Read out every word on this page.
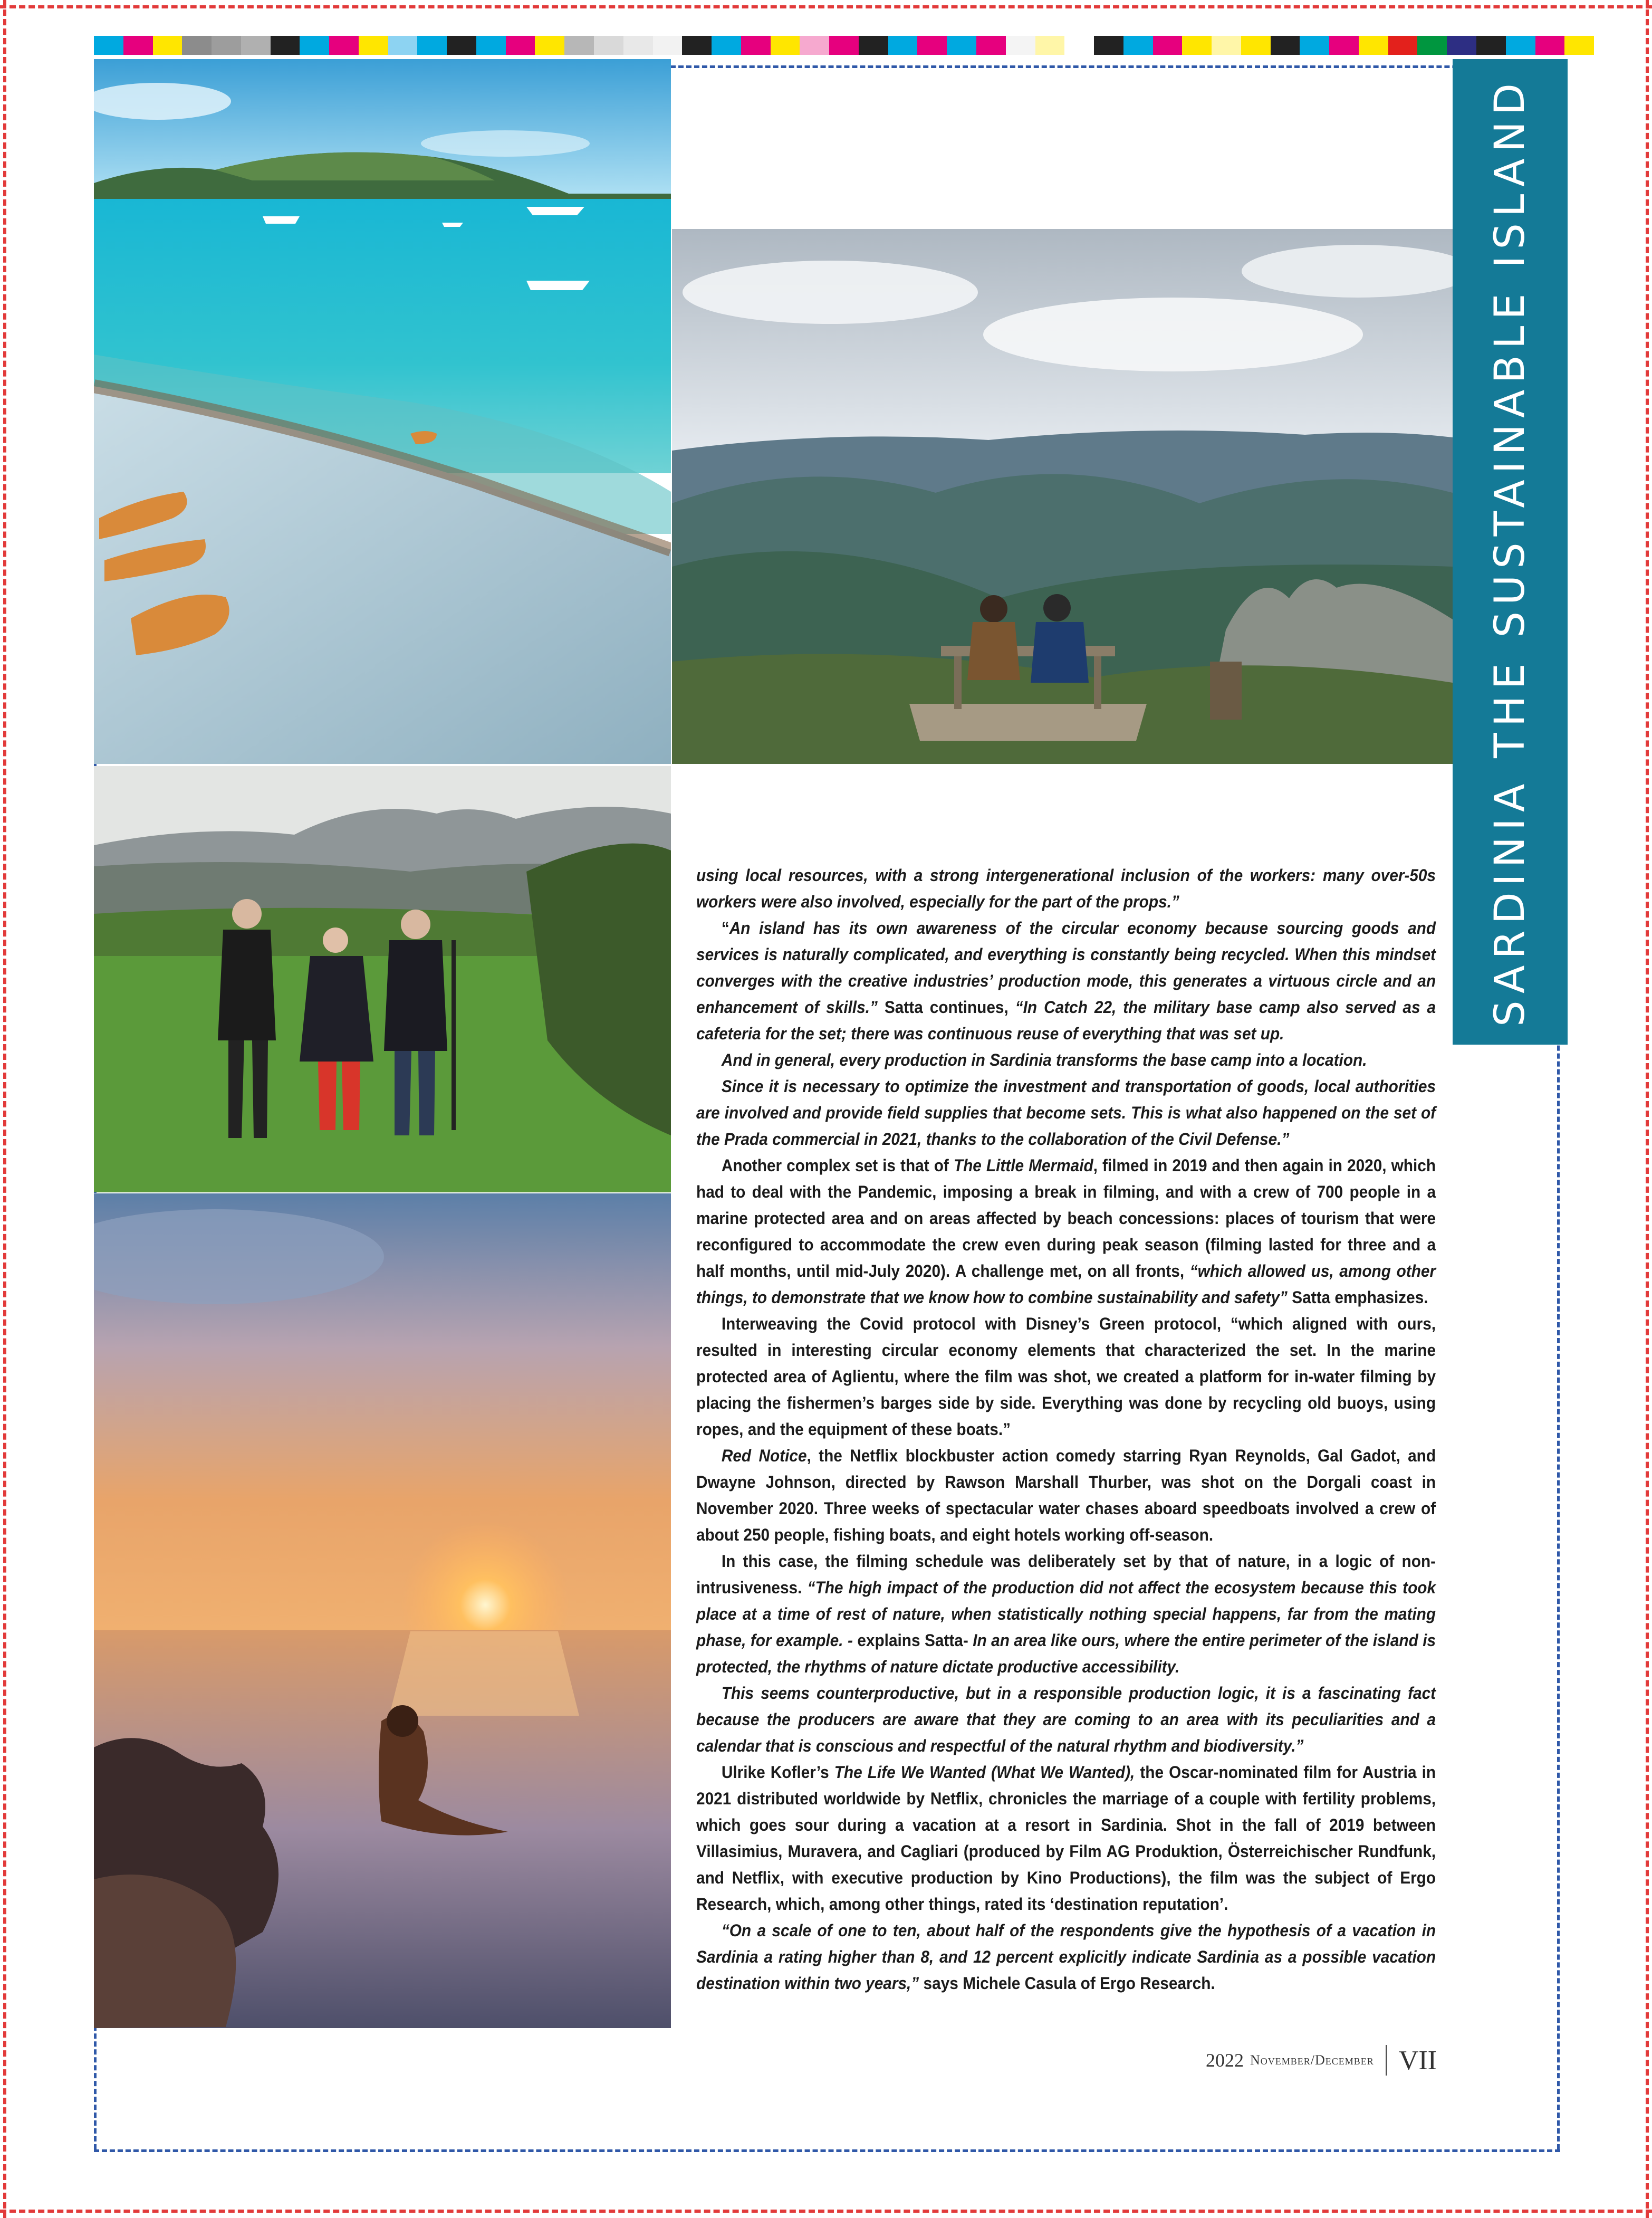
SARDINIA THE SUSTAINABLE ISLAND

using local resources, with a strong intergenerational inclusion of the workers: many over-50s workers were also involved, especially for the part of the props.”

“An island has its own awareness of the circular economy because sourcing goods and services is naturally complicated, and everything is constantly being recycled. When this mindset converges with the creative industries’ production mode, this generates a virtuous circle and an enhancement of skills.” Satta continues, “In Catch 22, the military base camp also served as a cafeteria for the set; there was continuous reuse of everything that was set up.

And in general, every production in Sardinia transforms the base camp into a location.

Since it is necessary to optimize the investment and transportation of goods, local authorities are involved and provide field supplies that become sets. This is what also happened on the set of the Prada commercial in 2021, thanks to the collaboration of the Civil Defense.”

Another complex set is that of The Little Mermaid, filmed in 2019 and then again in 2020, which had to deal with the Pandemic, imposing a break in filming, and with a crew of 700 people in a marine protected area and on areas affected by beach concessions: places of tourism that were reconfigured to accommodate the crew even during peak season (filming lasted for three and a half months, until mid-July 2020). A challenge met, on all fronts, “which allowed us, among other things, to demonstrate that we know how to combine sustainability and safety” Satta emphasizes.

Interweaving the Covid protocol with Disney’s Green protocol, “which aligned with ours, resulted in interesting circular economy elements that characterized the set. In the marine protected area of Aglientu, where the film was shot, we created a platform for in-water filming by placing the fishermen’s barges side by side. Everything was done by recycling old buoys, using ropes, and the equipment of these boats.”

Red Notice, the Netflix blockbuster action comedy starring Ryan Reynolds, Gal Gadot, and Dwayne Johnson, directed by Rawson Marshall Thurber, was shot on the Dorgali coast in November 2020. Three weeks of spectacular water chases aboard speedboats involved a crew of about 250 people, fishing boats, and eight hotels working off-season.

In this case, the filming schedule was deliberately set by that of nature, in a logic of non-intrusiveness. “The high impact of the production did not affect the ecosystem because this took place at a time of rest of nature, when statistically nothing special happens, far from the mating phase, for example. - explains Satta- In an area like ours, where the entire perimeter of the island is protected, the rhythms of nature dictate productive accessibility.

This seems counterproductive, but in a responsible production logic, it is a fascinating fact because the producers are aware that they are coming to an area with its peculiarities and a calendar that is conscious and respectful of the natural rhythm and biodiversity.”

Ulrike Kofler’s The Life We Wanted (What We Wanted), the Oscar-nominated film for Austria in 2021 distributed worldwide by Netflix, chronicles the marriage of a couple with fertility problems, which goes sour during a vacation at a resort in Sardinia. Shot in the fall of 2019 between Villasimius, Muravera, and Cagliari (produced by Film AG Produktion, Österreichischer Rundfunk, and Netflix, with executive production by Kino Productions), the film was the subject of Ergo Research, which, among other things, rated its ‘destination reputation’.

“On a scale of one to ten, about half of the respondents give the hypothesis of a vacation in Sardinia a rating higher than 8, and 12 percent explicitly indicate Sardinia as a possible vacation destination within two years,” says Michele Casula of Ergo Research.

2022 November/December VII
